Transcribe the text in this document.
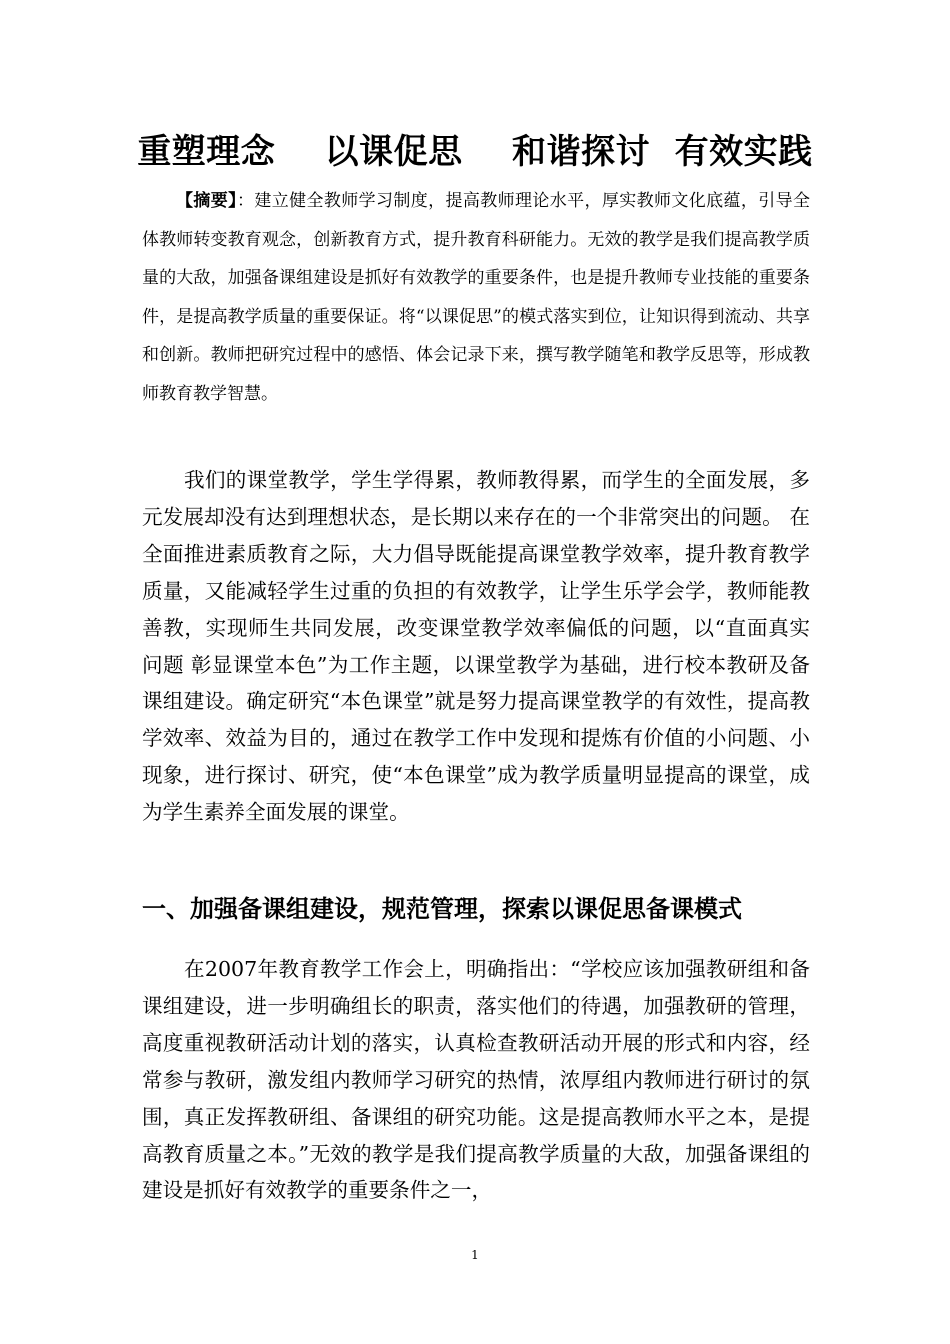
重塑理念    以课促思    和谐探讨  有效实践
【摘要】：建立健全教师学习制度，提高教师理论水平，厚实教师文化底蕴，引导全体教师转变教育观念，创新教育方式，提升教育科研能力。无效的教学是我们提高教学质量的大敌，加强备课组建设是抓好有效教学的重要条件，也是提升教师专业技能的重要条件，是提高教学质量的重要保证。将“以课促思”的模式落实到位，让知识得到流动、共享和创新。教师把研究过程中的感悟、体会记录下来，撰写教学随笔和教学反思等，形成教师教育教学智慧。
我们的课堂教学，学生学得累，教师教得累，而学生的全面发展，多元发展却没有达到理想状态，是长期以来存在的一个非常突出的问题。 在全面推进素质教育之际，大力倡导既能提高课堂教学效率，提升教育教学质量，又能减轻学生过重的负担的有效教学，让学生乐学会学，教师能教善教，实现师生共同发展，改变课堂教学效率偏低的问题，以“直面真实问题 彰显课堂本色”为工作主题，以课堂教学为基础，进行校本教研及备课组建设。确定研究“本色课堂”就是努力提高课堂教学的有效性，提高教学效率、效益为目的，通过在教学工作中发现和提炼有价值的小问题、小现象，进行探讨、研究，使“本色课堂”成为教学质量明显提高的课堂，成为学生素养全面发展的课堂。
一、加强备课组建设，规范管理，探索以课促思备课模式
在2007年教育教学工作会上，明确指出：“学校应该加强教研组和备课组建设，进一步明确组长的职责，落实他们的待遇，加强教研的管理，高度重视教研活动计划的落实，认真检查教研活动开展的形式和内容，经常参与教研，激发组内教师学习研究的热情，浓厚组内教师进行研讨的氛围，真正发挥教研组、备课组的研究功能。这是提高教师水平之本，是提高教育质量之本。”无效的教学是我们提高教学质量的大敌，加强备课组的建设是抓好有效教学的重要条件之一，
1
